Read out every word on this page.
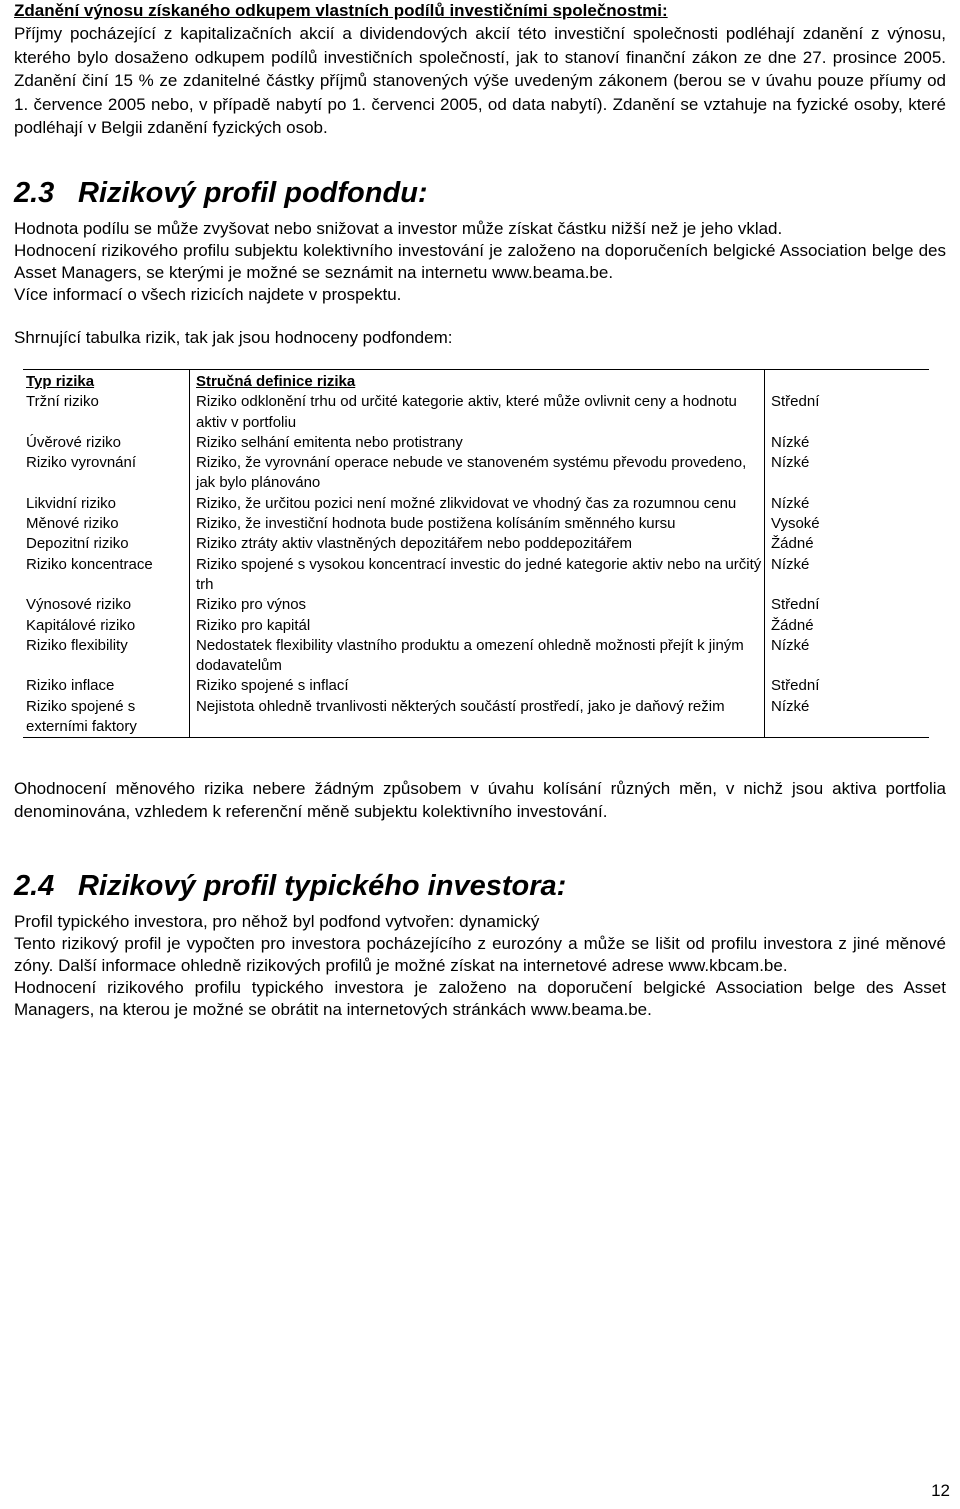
Zdanění výnosu získaného odkupem vlastních podílů investičními společnostmi:

Příjmy pocházející z kapitalizačních akcií a dividendových akcií této investiční společnosti podléhají zdanění z výnosu, kterého bylo dosaženo odkupem podílů investičních společností, jak to stanoví finanční zákon ze dne 27. prosince 2005. Zdanění činí 15 % ze zdanitelné částky příjmů stanovených výše uvedeným zákonem (berou se v úvahu pouze příumy od 1. července 2005 nebo, v případě nabytí po 1. červenci 2005, od data nabytí). Zdanění se vztahuje na fyzické osoby, které podléhají v Belgii zdanění fyzických osob.

2.3 Rizikový profil podfondu:

Hodnota podílu se může zvyšovat nebo snižovat a investor může získat částku nižší než je jeho vklad.

Hodnocení rizikového profilu subjektu kolektivního investování je založeno na doporučeních belgické Association belge des Asset Managers, se kterými je možné se seznámit na internetu www.beama.be.

Více informací o všech rizicích najdete v prospektu.

Shrnující tabulka rizik, tak jak jsou hodnoceny podfondem:

Typ rizika	Stručná definice rizika	
Tržní riziko	Riziko odklonění trhu od určité kategorie aktiv, které může ovlivnit ceny a hodnotu aktiv v portfoliu	Střední
Úvěrové riziko	Riziko selhání emitenta nebo protistrany	Nízké
Riziko vyrovnání	Riziko, že vyrovnání operace nebude ve stanoveném systému převodu provedeno, jak bylo plánováno	Nízké
Likvidní riziko	Riziko, že určitou pozici není možné zlikvidovat ve vhodný čas za rozumnou cenu	Nízké
Měnové riziko	Riziko, že investiční hodnota bude postižena kolísáním směnného kursu	Vysoké
Depozitní riziko	Riziko ztráty aktiv vlastněných depozitářem nebo poddepozitářem	Žádné
Riziko koncentrace	Riziko spojené s vysokou koncentrací investic do jedné kategorie aktiv nebo na určitý trh	Nízké
Výnosové riziko	Riziko pro výnos	Střední
Kapitálové riziko	Riziko pro kapitál	Žádné
Riziko flexibility	Nedostatek flexibility vlastního produktu a omezení ohledně možnosti přejít k jiným dodavatelům	Nízké
Riziko inflace	Riziko spojené s inflací	Střední
Riziko spojené s externími faktory	Nejistota ohledně trvanlivosti některých součástí prostředí, jako je daňový režim	Nízké

Ohodnocení měnového rizika nebere žádným způsobem v úvahu kolísání různých měn, v nichž jsou aktiva portfolia denominována, vzhledem k referenční měně subjektu kolektivního investování.

2.4 Rizikový profil typického investora:

Profil typického investora, pro něhož byl podfond vytvořen: dynamický

Tento rizikový profil je vypočten pro investora pocházejícího z eurozóny a může se lišit od profilu investora z jiné měnové zóny. Další informace ohledně rizikových profilů je možné získat na internetové adrese www.kbcam.be.

Hodnocení rizikového profilu typického investora je založeno na doporučení belgické Association belge des Asset Managers, na kterou je možné se obrátit na internetových stránkách www.beama.be.

12
